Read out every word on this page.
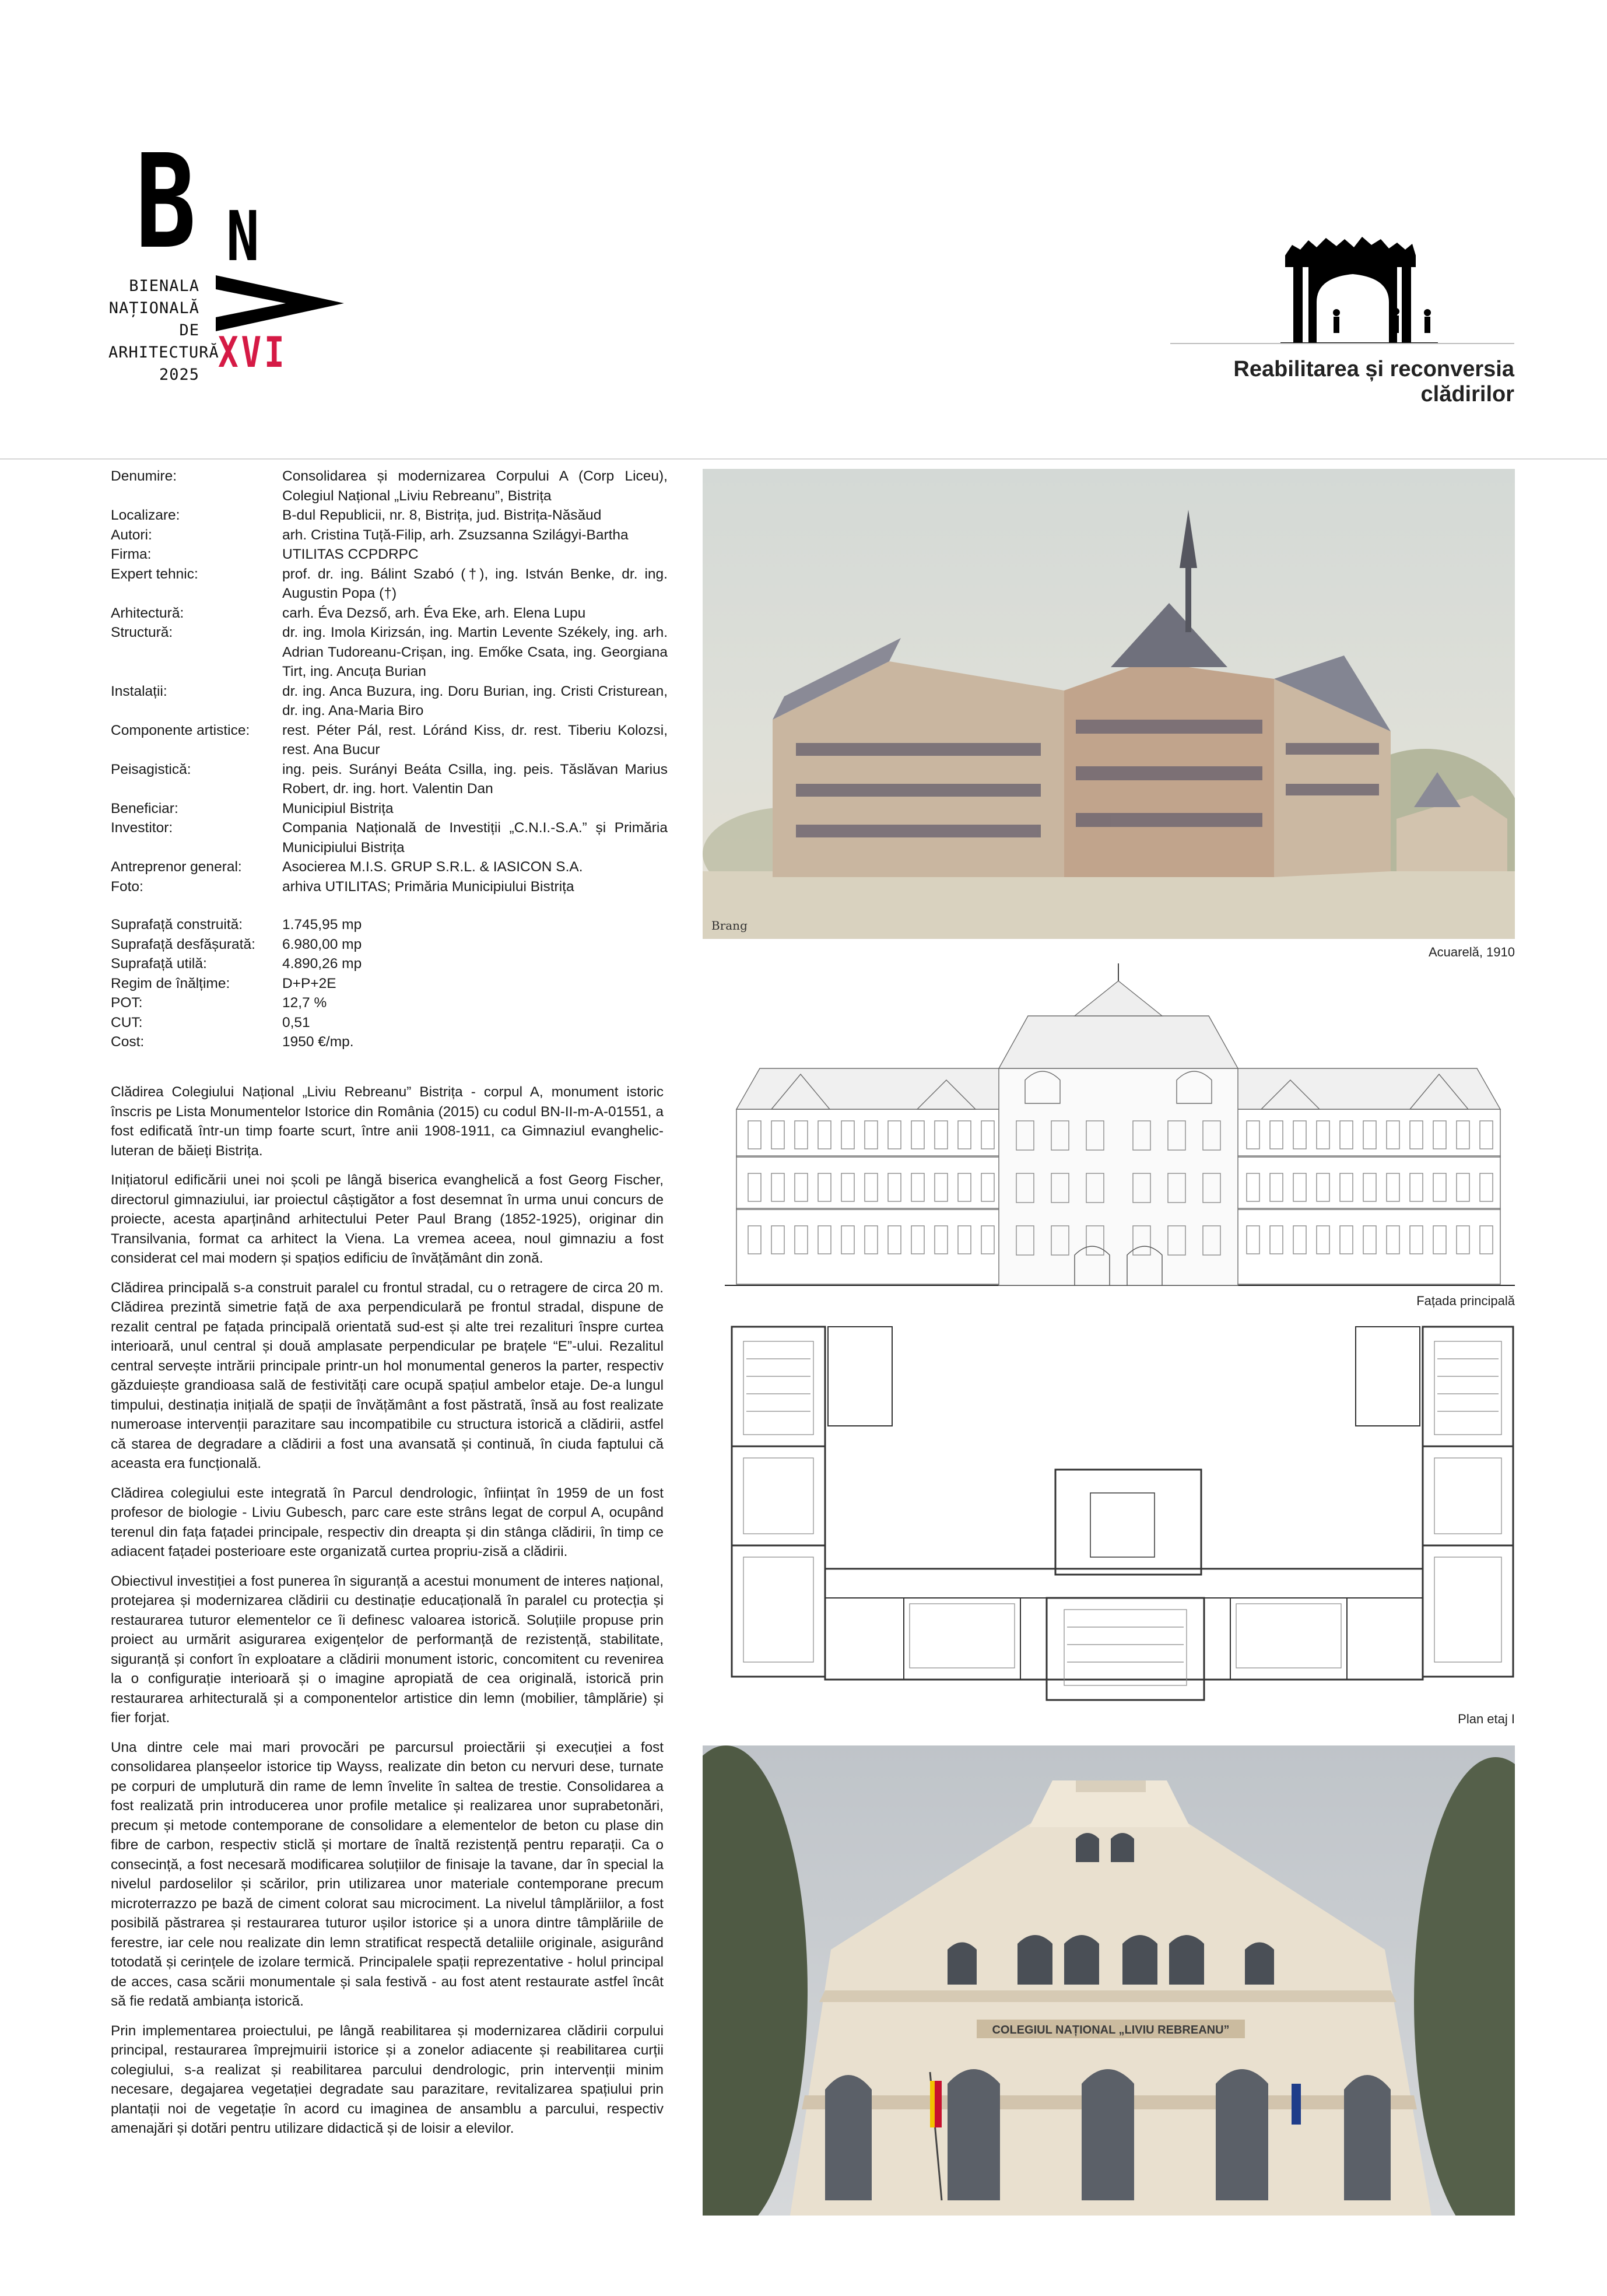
B N
BIENALA
NAȚIONALĂ
DE
ARHITECTURĂ
2025 XVI	Reabilitarea și reconversia clădirilor
Denumire:	Consolidarea și modernizarea Corpului A (Corp Liceu), Colegiul Național „Liviu Rebreanu”, Bistrița
Localizare:	B-dul Republicii, nr. 8, Bistrița, jud. Bistrița-Năsăud
Autori:	arh. Cristina Tuță-Filip, arh. Zsuzsanna Szilágyi-Bartha
Firma:	UTILITAS CCPDRPC
Expert tehnic:	prof. dr. ing. Bálint Szabó (†), ing. István Benke, dr. ing. Augustin Popa (†)
Arhitectură:	carh. Éva Dezső, arh. Éva Eke, arh. Elena Lupu
Structură:	dr. ing. Imola Kirizsán, ing. Martin Levente Székely, ing. arh. Adrian Tudoreanu-Crișan, ing. Emőke Csata, ing. Georgiana Tirt, ing. Ancuța Burian
Instalații:	dr. ing. Anca Buzura, ing. Doru Burian, ing. Cristi Cristurean, dr. ing. Ana-Maria Biro
Componente artistice:	rest. Péter Pál, rest. Lóránd Kiss, dr. rest. Tiberiu Kolozsi, rest. Ana Bucur
Peisagistică:	ing. peis. Surányi Beáta Csilla, ing. peis. Tăslăvan Marius Robert, dr. ing. hort. Valentin Dan
Beneficiar:	Municipiul Bistrița
Investitor:	Compania Națională de Investiții „C.N.I.-S.A.” și Primăria Municipiului Bistrița
Antreprenor general:	Asocierea M.I.S. GRUP S.R.L. & IASICON S.A.
Foto:	arhiva UTILITAS; Primăria Municipiului Bistrița
Suprafață construită:	1.745,95 mp
Suprafață desfășurată:	6.980,00 mp
Suprafață utilă:	4.890,26 mp
Regim de înălțime:	D+P+2E
POT:	12,7 %
CUT:	0,51
Cost:	1950 €/mp.

Clădirea Colegiului Național „Liviu Rebreanu” Bistrița - corpul A, monument istoric înscris pe Lista Monumentelor Istorice din România (2015) cu codul BN-II-m-A-01551, a fost edificată într-un timp foarte scurt, între anii 1908-1911, ca Gimnaziul evanghelic-luteran de băieți Bistrița.

Inițiatorul edificării unei noi școli pe lângă biserica evanghelică a fost Georg Fischer, directorul gimnaziului, iar proiectul câștigător a fost desemnat în urma unui concurs de proiecte, acesta aparținând arhitectului Peter Paul Brang (1852-1925), originar din Transilvania, format ca arhitect la Viena. La vremea aceea, noul gimnaziu a fost considerat cel mai modern și spațios edificiu de învățământ din zonă.

Clădirea principală s-a construit paralel cu frontul stradal, cu o retragere de circa 20 m. Clădirea prezintă simetrie față de axa perpendiculară pe frontul stradal, dispune de rezalit central pe fațada principală orientată sud-est și alte trei rezalituri înspre curtea interioară, unul central și două amplasate perpendicular pe brațele “E”-ului. Rezalitul central servește intrării principale printr-un hol monumental generos la parter, respectiv găzduiește grandioasa sală de festivități care ocupă spațiul ambelor etaje. De-a lungul timpului, destinația inițială de spații de învățământ a fost păstrată, însă au fost realizate numeroase intervenții parazitare sau incompatibile cu structura istorică a clădirii, astfel că starea de degradare a clădirii a fost una avansată și continuă, în ciuda faptului că aceasta era funcțională.

Clădirea colegiului este integrată în Parcul dendrologic, înființat în 1959 de un fost profesor de biologie - Liviu Gubesch, parc care este strâns legat de corpul A, ocupând terenul din fața fațadei principale, respectiv din dreapta și din stânga clădirii, în timp ce adiacent fațadei posterioare este organizată curtea propriu-zisă a clădirii.

Obiectivul investiției a fost punerea în siguranță a acestui monument de interes național, protejarea și modernizarea clădirii cu destinație educațională în paralel cu protecția și restaurarea tuturor elementelor ce îi definesc valoarea istorică. Soluțiile propuse prin proiect au urmărit asigurarea exigențelor de performanță de rezistență, stabilitate, siguranță și confort în exploatare a clădirii monument istoric, concomitent cu revenirea la o configurație interioară și o imagine apropiată de cea originală, istorică prin restaurarea arhitecturală și a componentelor artistice din lemn (mobilier, tâmplărie) și fier forjat.

Una dintre cele mai mari provocări pe parcursul proiectării și execuției a fost consolidarea planșeelor istorice tip Wayss, realizate din beton cu nervuri dese, turnate pe corpuri de umplutură din rame de lemn învelite în saltea de trestie. Consolidarea a fost realizată prin introducerea unor profile metalice și realizarea unor suprabetonări, precum și metode contemporane de consolidare a elementelor de beton cu plase din fibre de carbon, respectiv sticlă și mortare de înaltă rezistență pentru reparații. Ca o consecință, a fost necesară modificarea soluțiilor de finisaje la tavane, dar în special la nivelul pardoselilor și scărilor, prin utilizarea unor materiale contemporane precum microterrazzo pe bază de ciment colorat sau microciment. La nivelul tâmplăriilor, a fost posibilă păstrarea și restaurarea tuturor ușilor istorice și a unora dintre tâmplăriile de ferestre, iar cele nou realizate din lemn stratificat respectă detaliile originale, asigurând totodată și cerințele de izolare termică. Principalele spații reprezentative - holul principal de acces, casa scării monumentale și sala festivă - au fost atent restaurate astfel încât să fie redată ambianța istorică.

Prin implementarea proiectului, pe lângă reabilitarea și modernizarea clădirii corpului principal, restaurarea împrejmuirii istorice și a zonelor adiacente și reabilitarea curții colegiului, s-a realizat și reabilitarea parcului dendrologic, prin intervenții minim necesare, degajarea vegetației degradate sau parazitare, revitalizarea spațiului prin plantații noi de vegetație în acord cu imaginea de ansamblu a parcului, respectiv amenajări și dotări pentru utilizare didactică și de loisir a elevilor.

Brang
Acuarelă, 1910
Fațada principală
Plan etaj I
COLEGIUL NAȚIONAL „LIVIU REBREANU”
